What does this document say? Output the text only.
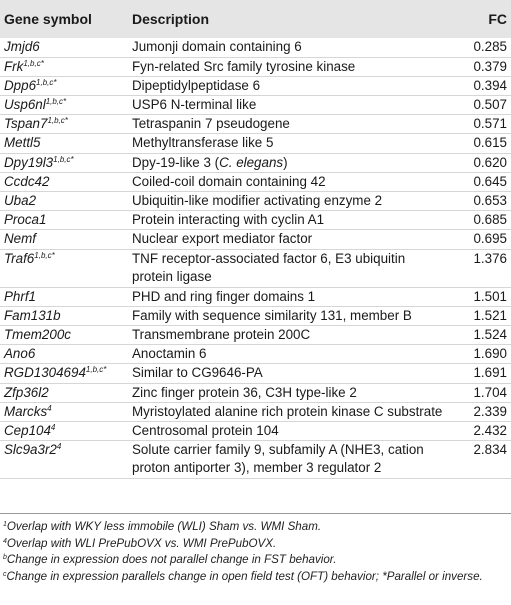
Gene symbol	Description	FC
Jmjd6	Jumonji domain containing 6	0.285
Frk$^{1,b,c*}$	Fyn-related Src family tyrosine kinase	0.379
$Dpp6^{1,b,c*}$	Dipeptidylpeptidase 6	0.394
$Usp6nl^{1,b,c*}$	USP6 N-terminal like	0.507
$Tspan7^{1,b,c*}$	Tetraspanin 7 pseudogene	0.571
Mettl5	Methyltransferase like 5	0.615
$Dpy19l3^{1,b,c*}$	Dpy-19-like 3 (C. elegans)	0.620
Ccdc42	Coiled-coil domain containing 42	0.645
Uba2	Ubiquitin-like modifier activating enzyme 2	0.653
Proca1	Protein interacting with cyclin A1	0.685
Nemf	Nuclear export mediator factor	0.695
$Traf6^{1,b,c*}$	TNF receptor-associated factor 6, E3 ubiquitin protein ligase	1.376
Phrf1	PHD and ring finger domains 1	1.501
Fam131b	Family with sequence similarity 131, member B	1.521
Tmem200c	Transmembrane protein 200C	1.524
Ano6	Anoctamin 6	1.690
$RGD1304694^{1,b,c*}$	Similar to CG9646-PA	1.691
Zfp36l2	Zinc finger protein 36, C3H type-like 2	1.704
Marcks$^4$	Myristoylated alanine rich protein kinase C substrate	2.339
$Cep104^4$	Centrosomal protein 104	2.432
$Slc9a3r2^4$	Solute carrier family 9, subfamily A (NHE3, cation proton antiporter 3), member 3 regulator 2	2.834

$^1$Overlap with WKY less immobile (WLI) Sham vs. WMI Sham.

$^4$Overlap with WLI PrePubOVX vs. WMI PrePubOVX.

$^b$Change in expression does not parallel change in FST behavior.

$^c$Change in expression parallels change in open field test (OFT) behavior; *Parallel or inverse.
